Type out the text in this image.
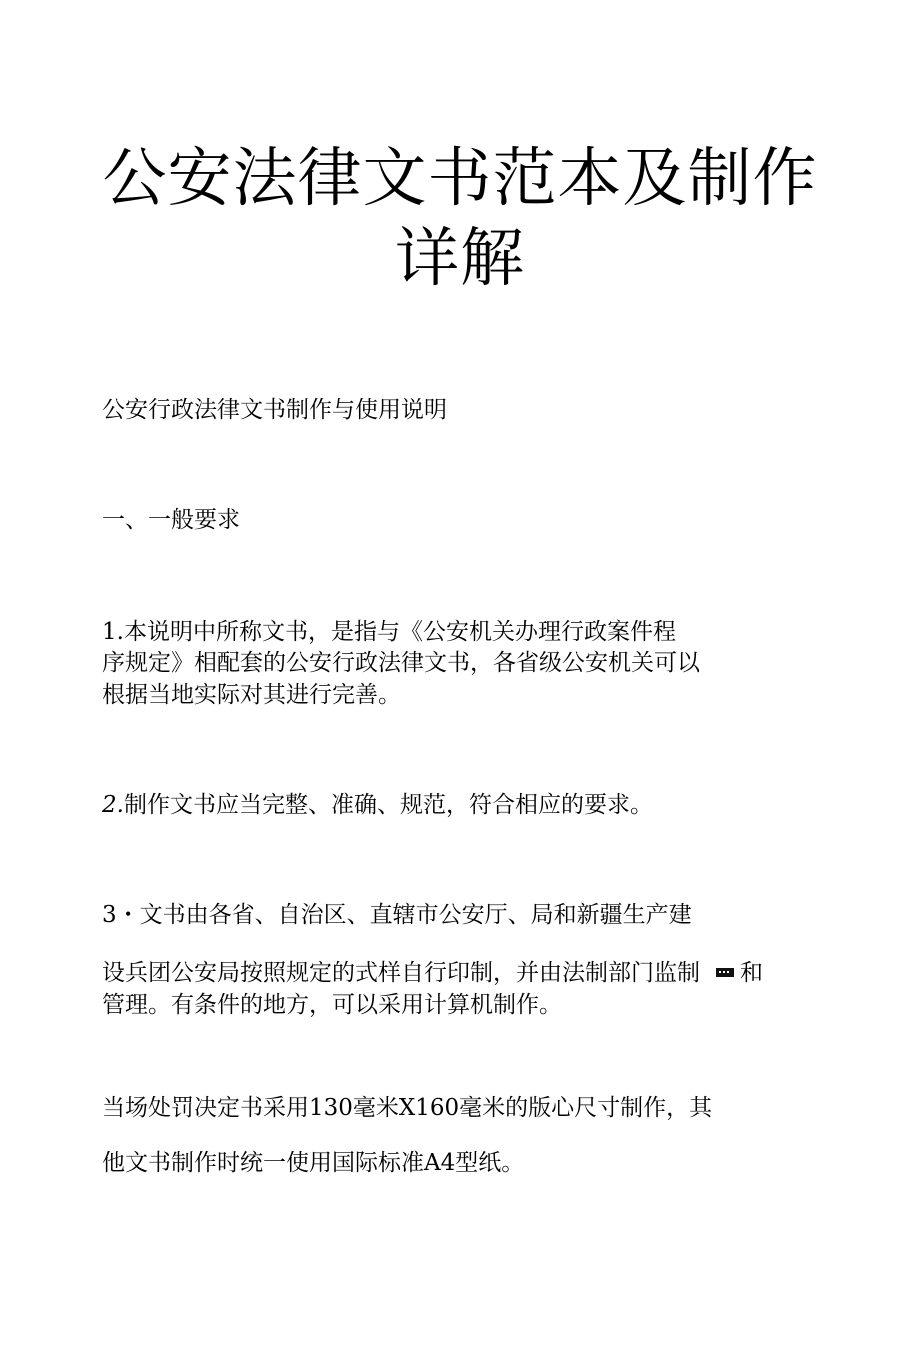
公安法律文书范本及制作
详解

公安行政法律文书制作与使用说明

一、一般要求

1.本说明中所称文书，是指与《公安机关办理行政案件程

序规定》相配套的公安行政法律文书，各省级公安机关可以

根据当地实际对其进行完善。

2.制作文书应当完整、准确、规范，符合相应的要求。

3・文书由各省、自治区、直辖市公安厅、局和新疆生产建

设兵团公安局按照规定的式样自行印制，并由法制部门监制 和

管理。有条件的地方，可以采用计算机制作。

当场处罚决定书采用130毫米X160毫米的版心尺寸制作，其

他文书制作时统一使用国际标准A4型纸。
